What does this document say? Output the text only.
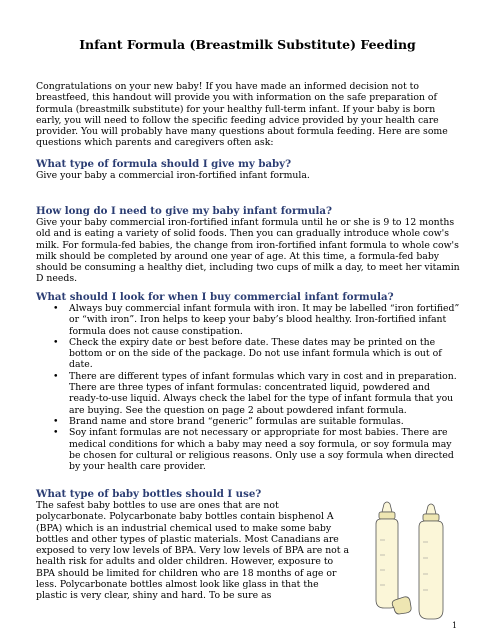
Infant Formula (Breastmilk Substitute) Feeding

Congratulations on your new baby! If you have made an informed decision not to breastfeed, this handout will provide you with information on the safe preparation of formula (breastmilk substitute) for your healthy full-term infant. If your baby is born early, you will need to follow the specific feeding advice provided by your health care provider. You will probably have many questions about formula feeding. Here are some questions which parents and caregivers often ask:

What type of formula should I give my baby?

Give your baby a commercial iron-fortified infant formula.

How long do I need to give my baby infant formula?

Give your baby commercial iron-fortified infant formula until he or she is 9 to 12 months old and is eating a variety of solid foods. Then you can gradually introduce whole cow's milk. For formula-fed babies, the change from iron-fortified infant formula to whole cow's milk should be completed by around one year of age. At this time, a formula-fed baby should be consuming a healthy diet, including two cups of milk a day, to meet her vitamin D needs.

What should I look for when I buy commercial infant formula?

• Always buy commercial infant formula with iron. It may be labelled “iron fortified” or “with iron”. Iron helps to keep your baby’s blood healthy. Iron-fortified infant formula does not cause constipation.
• Check the expiry date or best before date. These dates may be printed on the bottom or on the side of the package. Do not use infant formula which is out of date.
• There are different types of infant formulas which vary in cost and in preparation. There are three types of infant formulas: concentrated liquid, powdered and ready-to-use liquid. Always check the label for the type of infant formula that you are buying. See the question on page 2 about powdered infant formula.
• Brand name and store brand “generic” formulas are suitable formulas.
• Soy infant formulas are not necessary or appropriate for most babies. There are medical conditions for which a baby may need a soy formula, or soy formula may be chosen for cultural or religious reasons. Only use a soy formula when directed by your health care provider.

What type of baby bottles should I use?

The safest baby bottles to use are ones that are not polycarbonate. Polycarbonate baby bottles contain bisphenol A (BPA) which is an industrial chemical used to make some baby bottles and other types of plastic materials. Most Canadians are exposed to very low levels of BPA. Very low levels of BPA are not a health risk for adults and older children. However, exposure to BPA should be limited for children who are 18 months of age or less. Polycarbonate bottles almost look like glass in that the plastic is very clear, shiny and hard. To be sure as

1
